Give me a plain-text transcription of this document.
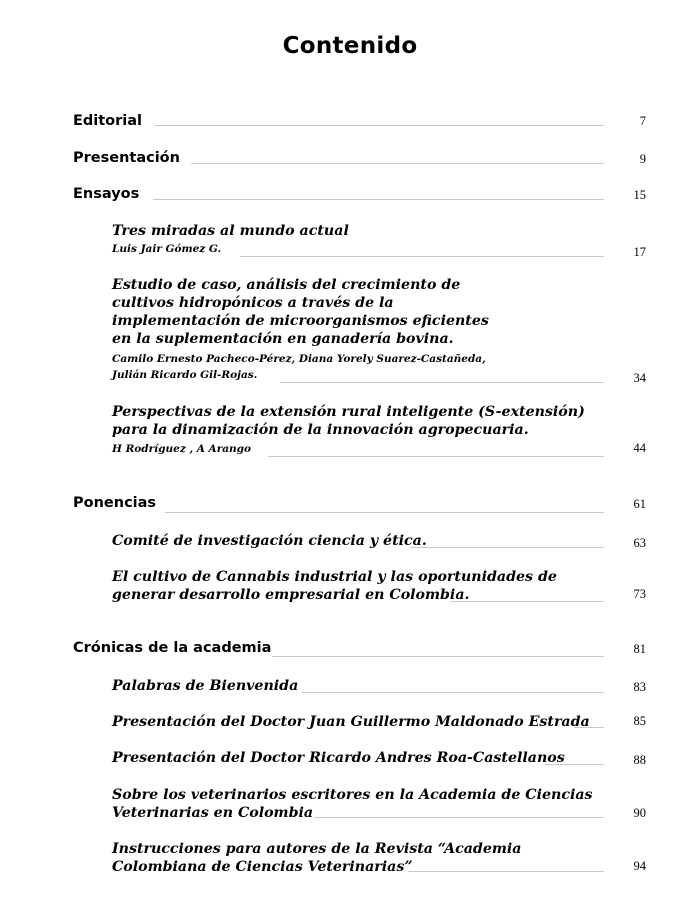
Contenido
Editorial	7
Presentación	9
Ensayos	15
Tres miradas al mundo actual
Luis Jair Gómez G.	17
Estudio de caso, análisis del crecimiento de
cultivos hidropónicos a través de la
implementación de microorganismos eficientes
en la suplementación en ganadería bovina.
Camilo Ernesto Pacheco-Pérez, Diana Yorely Suarez-Castañeda,
Julián Ricardo Gil-Rojas.	34
Perspectivas de la extensión rural inteligente (S-extensión)
para la dinamización de la innovación agropecuaria.
H Rodríguez , A Arango	44
Ponencias	61
Comité de investigación ciencia y ética.	63
El cultivo de Cannabis industrial y las oportunidades de
generar desarrollo empresarial en Colombia.	73
Crónicas de la academia	81
Palabras de Bienvenida	83
Presentación del Doctor Juan Guillermo Maldonado Estrada	85
Presentación del Doctor Ricardo Andres Roa-Castellanos	88
Sobre los veterinarios escritores en la Academia de Ciencias
Veterinarias en Colombia	90
Instrucciones para autores de la Revista “Academia
Colombiana de Ciencias Veterinarias”	94
